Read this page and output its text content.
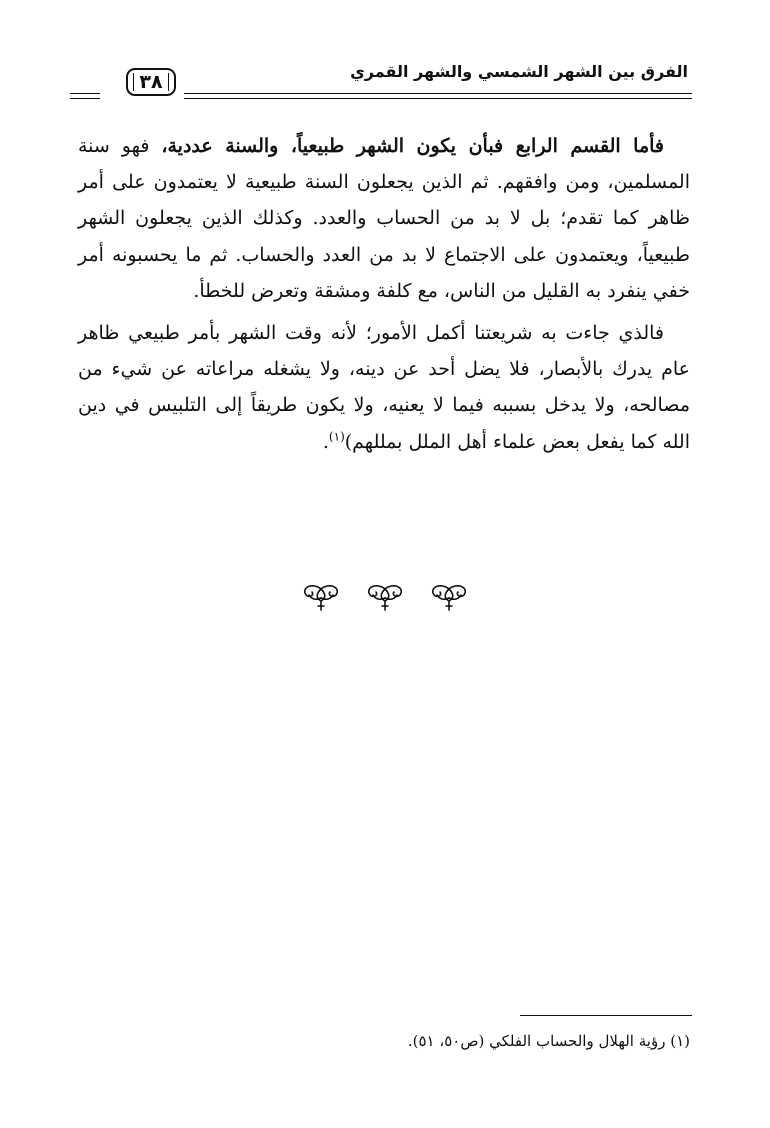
٣٨	الفرق بين الشهر الشمسي والشهر القمري

فأما القسم الرابع فبأن يكون الشهر طبيعياً، والسنة عددية، فهو سنة المسلمين، ومن وافقهم. ثم الذين يجعلون السنة طبيعية لا يعتمدون على أمر ظاهر كما تقدم؛ بل لا بد من الحساب والعدد. وكذلك الذين يجعلون الشهر طبيعياً، ويعتمدون على الاجتماع لا بد من العدد والحساب. ثم ما يحسبونه أمر خفي ينفرد به القليل من الناس، مع كلفة ومشقة وتعرض للخطأ.

فالذي جاءت به شريعتنا أكمل الأمور؛ لأنه وقت الشهر بأمر طبيعي ظاهر عام يدرك بالأبصار، فلا يضل أحد عن دينه، ولا يشغله مراعاته عن شيء من مصالحه، ولا يدخل بسببه فيما لا يعنيه، ولا يكون طريقاً إلى التلبيس في دين الله كما يفعل بعض علماء أهل الملل بمللهم)$^{(١)}$.

(١) رؤية الهلال والحساب الفلكي (ص٥٠، ٥١).
